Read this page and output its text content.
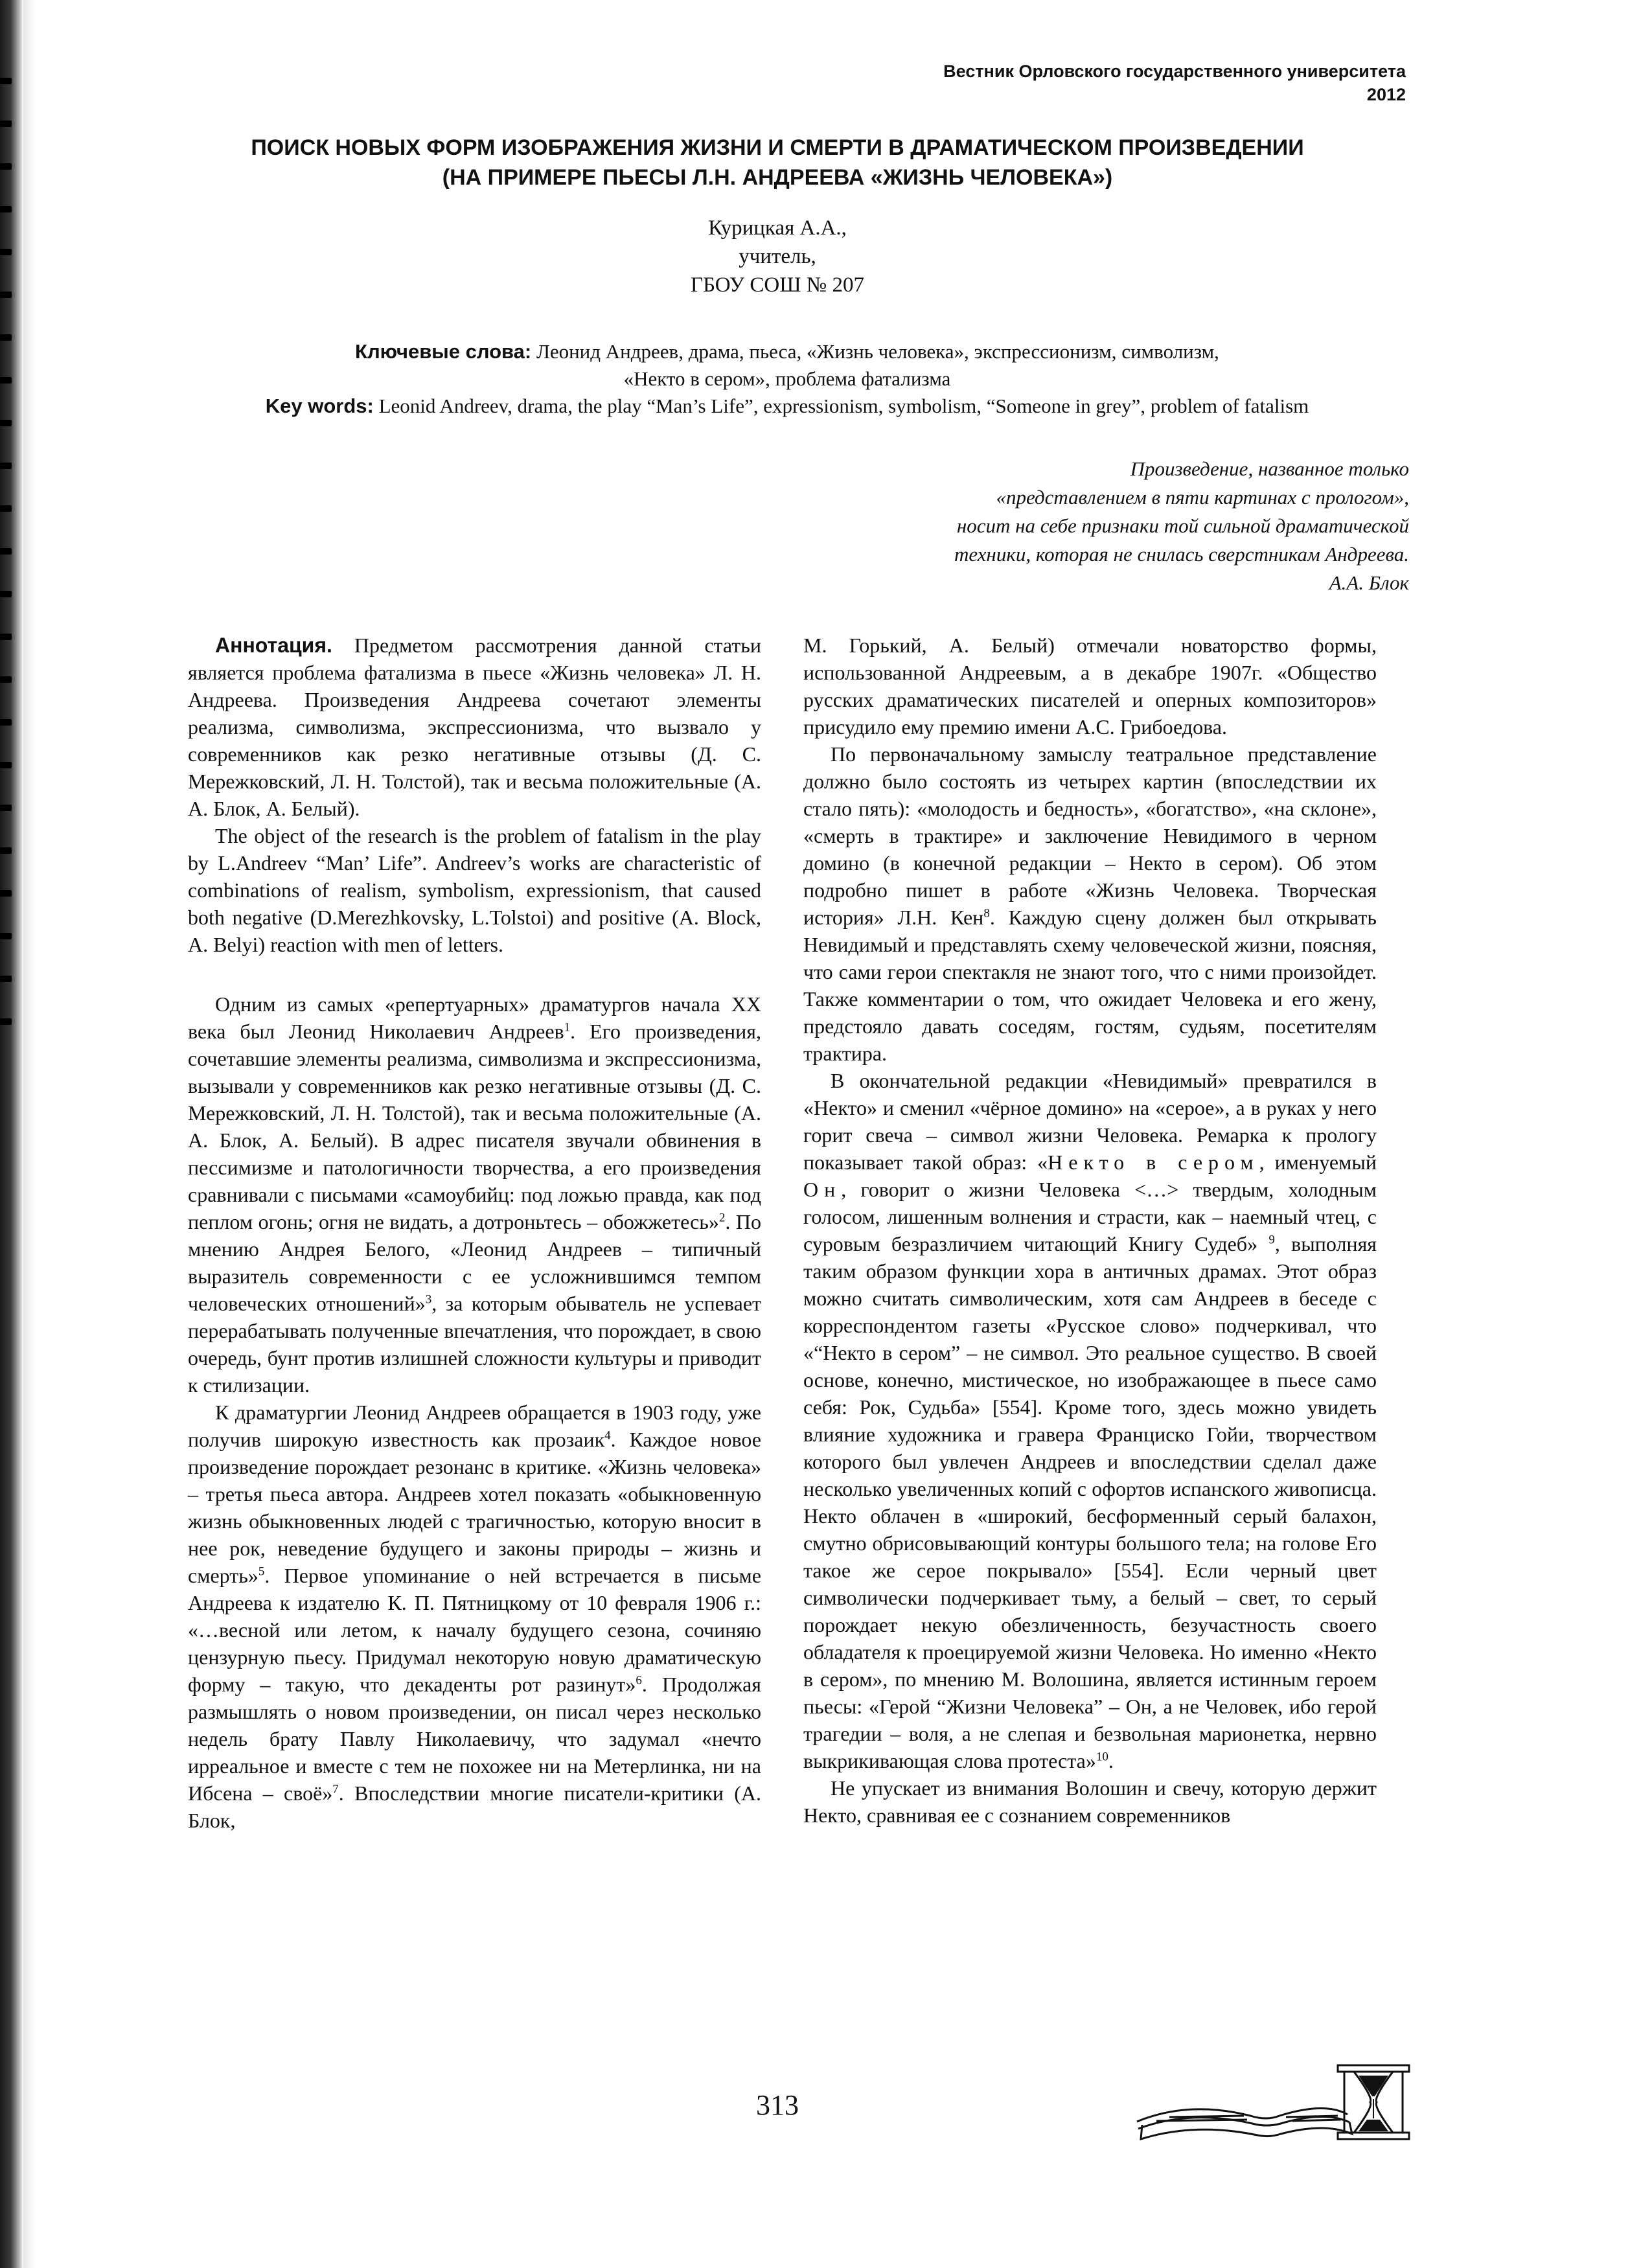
Вестник Орловского государственного университета
2012
ПОИСК НОВЫХ ФОРМ ИЗОБРАЖЕНИЯ ЖИЗНИ И СМЕРТИ В ДРАМАТИЧЕСКОМ ПРОИЗВЕДЕНИИ
(НА ПРИМЕРЕ ПЬЕСЫ Л.Н. АНДРЕЕВА «ЖИЗНЬ ЧЕЛОВЕКА»)
Курицкая А.А.,
учитель,
ГБОУ СОШ № 207
Ключевые слова: Леонид Андреев, драма, пьеса, «Жизнь человека», экспрессионизм, символизм,
«Некто в сером», проблема фатализма
Key words: Leonid Andreev, drama, the play “Man’s Life”, expressionism, symbolism, “Someone in grey”, problem of fatalism
Произведение, названное только
«представлением в пяти картинах с прологом»,
носит на себе признаки той сильной драматической
техники, которая не снилась сверстникам Андреева.
А.А. Блок

Аннотация. Предметом рассмотрения данной статьи является проблема фатализма в пьесе «Жизнь человека» Л. Н. Андреева. Произведения Андреева сочетают элементы реализма, символизма, экспрессионизма, что вызвало у современников как резко негативные отзывы (Д. С. Мережковский, Л. Н. Толстой), так и весьма положительные (А. А. Блок, А. Белый).

The object of the research is the problem of fatalism in the play by L.Andreev “Man’ Life”. Andreev’s works are characteristic of combinations of realism, symbolism, expressionism, that caused both negative (D.Merezhkovsky, L.Tolstoi) and positive (A. Block, A. Belyi) reaction with men of letters.

Одним из самых «репертуарных» драматургов начала XX века был Леонид Николаевич Андреев$^1$. Его произведения, сочетавшие элементы реализма, символизма и экспрессионизма, вызывали у современников как резко негативные отзывы (Д. С. Мережковский, Л. Н. Толстой), так и весьма положительные (А. А. Блок, А. Белый). В адрес писателя звучали обвинения в пессимизме и патологичности творчества, а его произведения сравнивали с письмами «самоубийц: под ложью правда, как под пеплом огонь; огня не видать, а дотроньтесь – обожжетесь»$^2$. По мнению Андрея Белого, «Леонид Андреев – типичный выразитель современности с ее усложнившимся темпом человеческих отношений»$^3$, за которым обыватель не успевает перерабатывать полученные впечатления, что порождает, в свою очередь, бунт против излишней сложности культуры и приводит к стилизации.

К драматургии Леонид Андреев обращается в 1903 году, уже получив широкую известность как прозаик$^4$. Каждое новое произведение порождает резонанс в критике. «Жизнь человека» – третья пьеса автора. Андреев хотел показать «обыкновенную жизнь обыкновенных людей с трагичностью, которую вносит в нее рок, неведение будущего и законы природы – жизнь и смерть»$^5$. Первое упоминание о ней встречается в письме Андреева к издателю К. П. Пятницкому от 10 февраля 1906 г.: «…весной или летом, к началу будущего сезона, сочиняю цензурную пьесу. Придумал некоторую новую драматическую форму – такую, что декаденты рот разинут»$^6$. Продолжая размышлять о новом произведении, он писал через несколько недель брату Павлу Николаевичу, что задумал «нечто ирреальное и вместе с тем не похожее ни на Метерлинка, ни на Ибсена – своё»$^7$. Впоследствии многие писатели-критики (А. Блок,

М. Горький, А. Белый) отмечали новаторство формы, использованной Андреевым, а в декабре 1907г. «Общество русских драматических писателей и оперных композиторов» присудило ему премию имени А.С. Грибоедова.

По первоначальному замыслу театральное представление должно было состоять из четырех картин (впоследствии их стало пять): «молодость и бедность», «богатство», «на склоне», «смерть в трактире» и заключение Невидимого в черном домино (в конечной редакции – Некто в сером). Об этом подробно пишет в работе «Жизнь Человека. Творческая история» Л.Н. Кен$^8$. Каждую сцену должен был открывать Невидимый и представлять схему человеческой жизни, поясняя, что сами герои спектакля не знают того, что с ними произойдет. Также комментарии о том, что ожидает Человека и его жену, предстояло давать соседям, гостям, судьям, посетителям трактира.

В окончательной редакции «Невидимый» превратился в «Некто» и сменил «чёрное домино» на «серое», а в руках у него горит свеча – символ жизни Человека. Ремарка к прологу показывает такой образ: «Некто в сером, именуемый Он, говорит о жизни Человека <…> твердым, холодным голосом, лишенным волнения и страсти, как – наемный чтец, с суровым безразличием читающий Книгу Судеб» $^9$, выполняя таким образом функции хора в античных драмах. Этот образ можно считать символическим, хотя сам Андреев в беседе с корреспондентом газеты «Русское слово» подчеркивал, что «“Некто в сером” – не символ. Это реальное существо. В своей основе, конечно, мистическое, но изображающее в пьесе само себя: Рок, Судьба» [554]. Кроме того, здесь можно увидеть влияние художника и гравера Франциско Гойи, творчеством которого был увлечен Андреев и впоследствии сделал даже несколько увеличенных копий с офортов испанского живописца. Некто облачен в «широкий, бесформенный серый балахон, смутно обрисовывающий контуры большого тела; на голове Его такое же серое покрывало» [554]. Если черный цвет символически подчеркивает тьму, а белый – свет, то серый порождает некую обезличенность, безучастность своего обладателя к проецируемой жизни Человека. Но именно «Некто в сером», по мнению М. Волошина, является истинным героем пьесы: «Герой “Жизни Человека” – Он, а не Человек, ибо герой трагедии – воля, а не слепая и безвольная марионетка, нервно выкрикивающая слова протеста»$^{10}$.

Не упускает из внимания Волошин и свечу, которую держит Некто, сравнивая ее с сознанием современников

313
